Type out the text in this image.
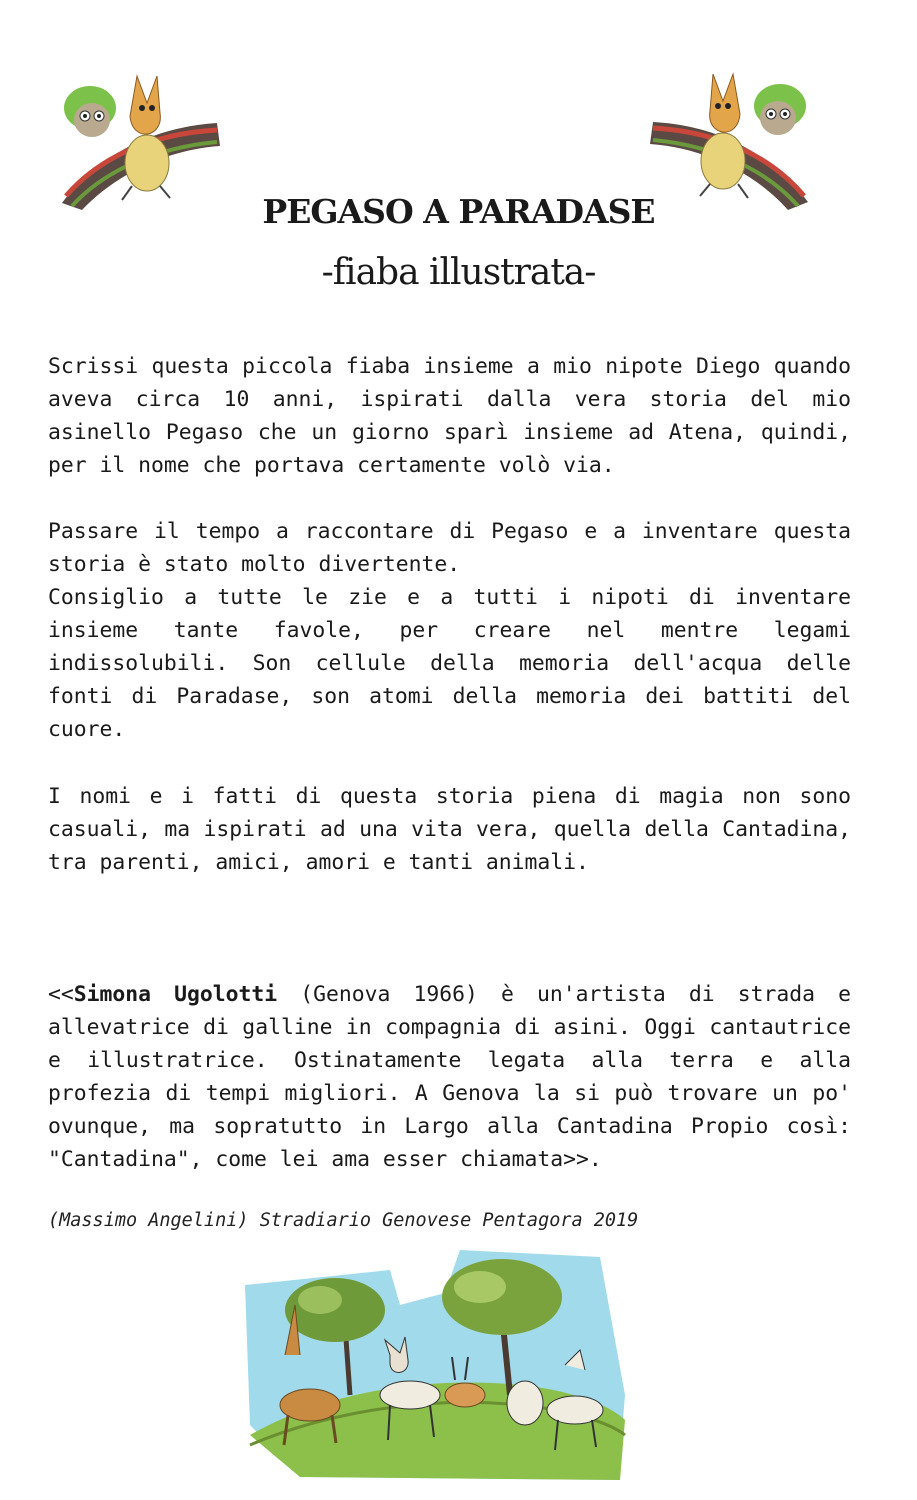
PEGASO A PARADASE
-fiaba illustrata-

Scrissi questa piccola fiaba insieme a mio nipote Diego quando aveva circa 10 anni, ispirati dalla vera storia del mio asinello Pegaso che un giorno sparì insieme ad Atena, quindi, per il nome che portava certamente volò via.

Passare il tempo a raccontare di Pegaso e a inventare questa storia è stato molto divertente.

Consiglio a tutte le zie e a tutti i nipoti di inventare insieme tante favole, per creare nel mentre legami indissolubili. Son cellule della memoria dell'acqua delle fonti di Paradase, son atomi della memoria dei battiti del cuore.

I nomi e i fatti di questa storia piena di magia non sono casuali, ma ispirati ad una vita vera, quella della Cantadina, tra parenti, amici, amori e tanti animali.

<<Simona Ugolotti (Genova 1966) è un'artista di strada e allevatrice di galline in compagnia di asini. Oggi cantautrice e illustratrice. Ostinatamente legata alla terra e alla profezia di tempi migliori. A Genova la si può trovare un po' ovunque, ma sopratutto in Largo alla Cantadina Propio così: "Cantadina", come lei ama esser chiamata>>.

(Massimo Angelini) Stradiario Genovese Pentagora 2019
